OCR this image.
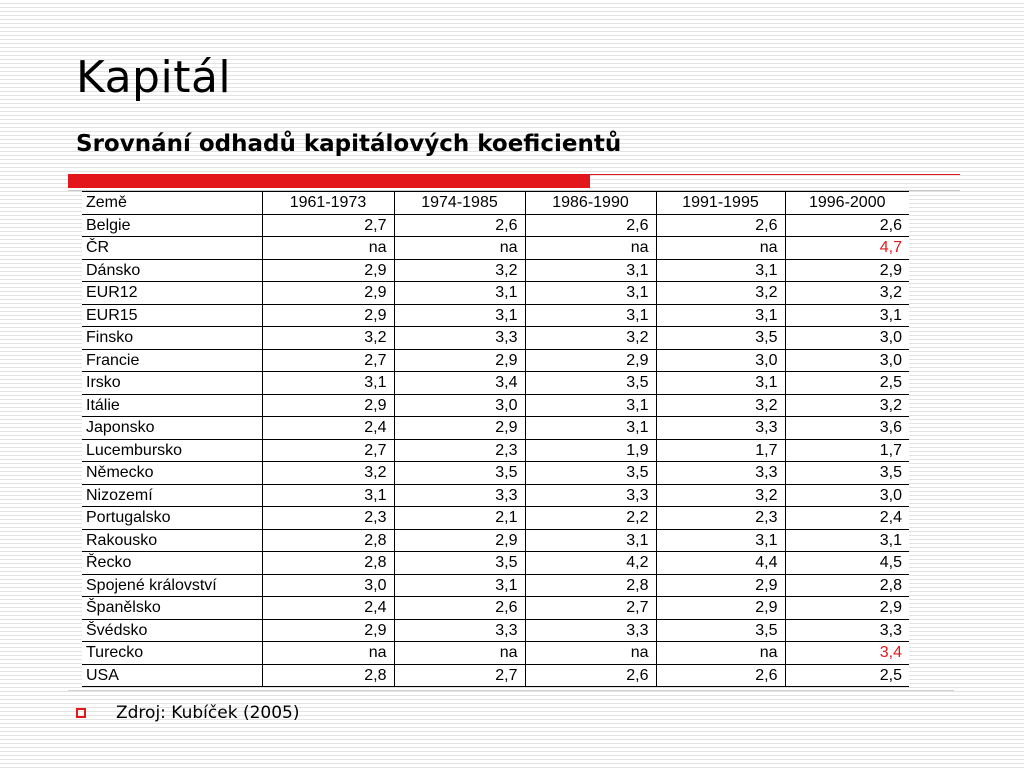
Kapitál
Srovnání odhadů kapitálových koeficientů
Země	1961-1973	1974-1985	1986-1990	1991-1995	1996-2000
Belgie	2,7	2,6	2,6	2,6	2,6
ČR	na	na	na	na	4,7
Dánsko	2,9	3,2	3,1	3,1	2,9
EUR12	2,9	3,1	3,1	3,2	3,2
EUR15	2,9	3,1	3,1	3,1	3,1
Finsko	3,2	3,3	3,2	3,5	3,0
Francie	2,7	2,9	2,9	3,0	3,0
Irsko	3,1	3,4	3,5	3,1	2,5
Itálie	2,9	3,0	3,1	3,2	3,2
Japonsko	2,4	2,9	3,1	3,3	3,6
Lucembursko	2,7	2,3	1,9	1,7	1,7
Německo	3,2	3,5	3,5	3,3	3,5
Nizozemí	3,1	3,3	3,3	3,2	3,0
Portugalsko	2,3	2,1	2,2	2,3	2,4
Rakousko	2,8	2,9	3,1	3,1	3,1
Řecko	2,8	3,5	4,2	4,4	4,5
Spojené království	3,0	3,1	2,8	2,9	2,8
Španělsko	2,4	2,6	2,7	2,9	2,9
Švédsko	2,9	3,3	3,3	3,5	3,3
Turecko	na	na	na	na	3,4
USA	2,8	2,7	2,6	2,6	2,5
Zdroj: Kubíček (2005)
